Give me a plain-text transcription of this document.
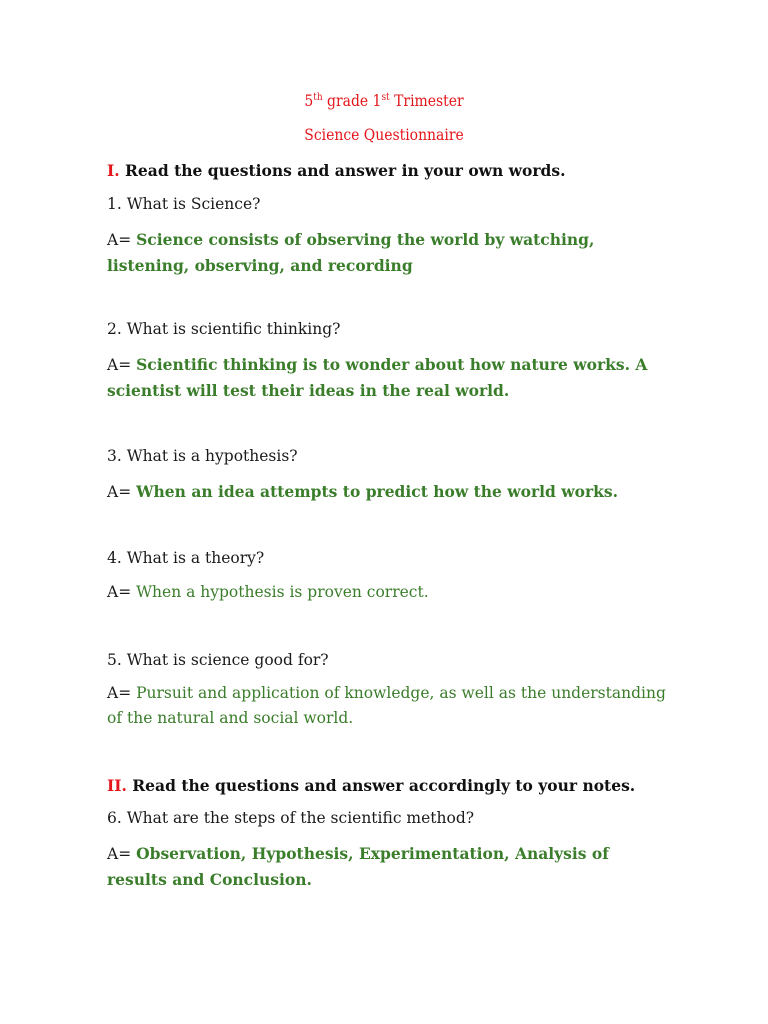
5th grade 1st Trimester
Science Questionnaire
I. Read the questions and answer in your own words.
1. What is Science?
A= Science consists of observing the world by watching, listening, observing, and recording
2. What is scientific thinking?
A= Scientific thinking is to wonder about how nature works. A scientist will test their ideas in the real world.
3. What is a hypothesis?
A= When an idea attempts to predict how the world works.
4. What is a theory?
A= When a hypothesis is proven correct.
5. What is science good for?
A= Pursuit and application of knowledge, as well as the understanding of the natural and social world.
II. Read the questions and answer accordingly to your notes.
6. What are the steps of the scientific method?
A= Observation, Hypothesis, Experimentation, Analysis of results and Conclusion.
